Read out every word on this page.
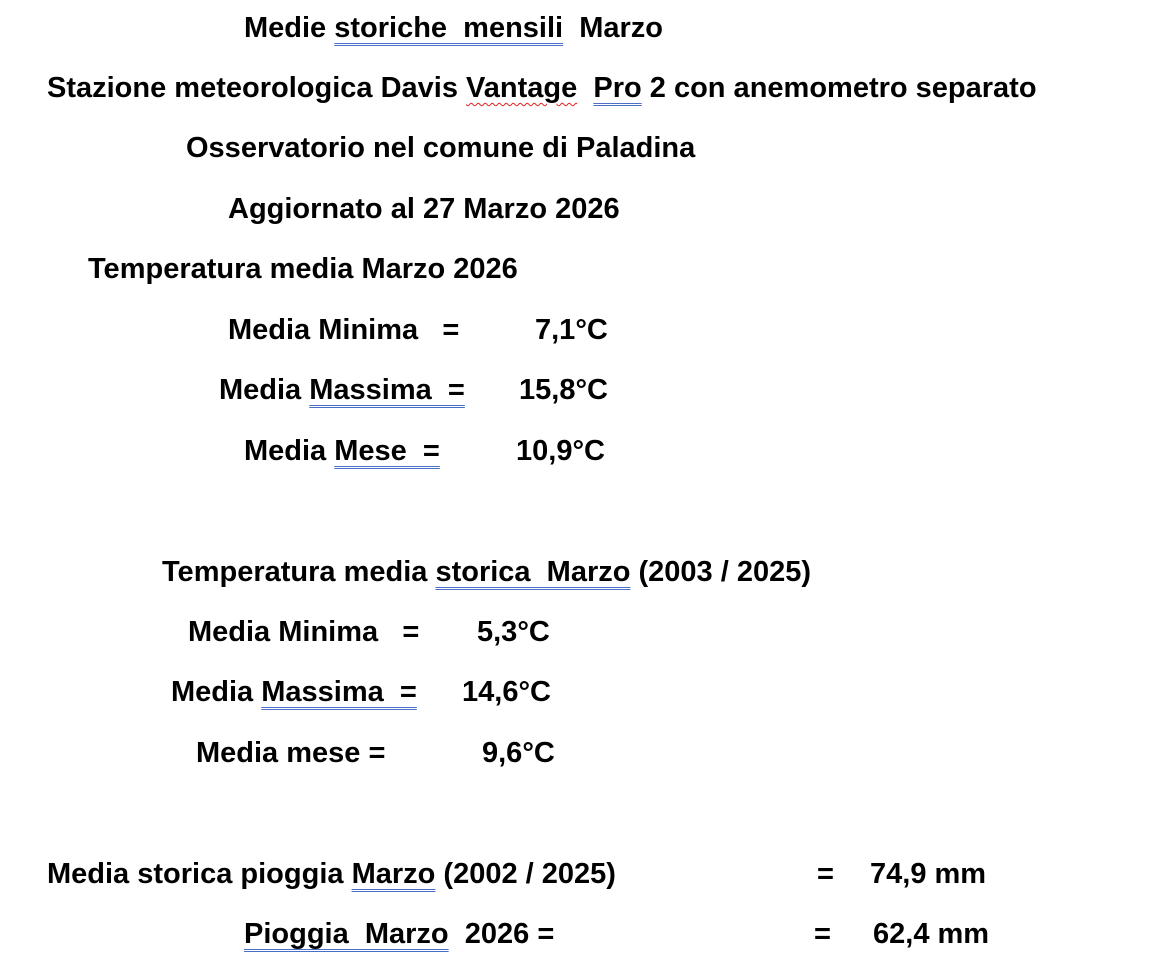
Medie storiche  mensili  Marzo
Stazione meteorologica Davis Vantage Pro 2 con anemometro separato
Osservatorio nel comune di Paladina
Aggiornato al 27 Marzo 2026
Temperatura media Marzo 2026
Media Minima   =	7,1°C
Media Massima  = 15,8°C
Media Mese  =	10,9°C
Temperatura media storica  Marzo (2003 / 2025)
Media Minima   = 5,3°C
Media Massima  = 14,6°C
Media mese =	9,6°C
Media storica pioggia Marzo (2002 / 2025)	= 74,9 mm
Pioggia  Marzo  2026 =	= 62,4 mm
